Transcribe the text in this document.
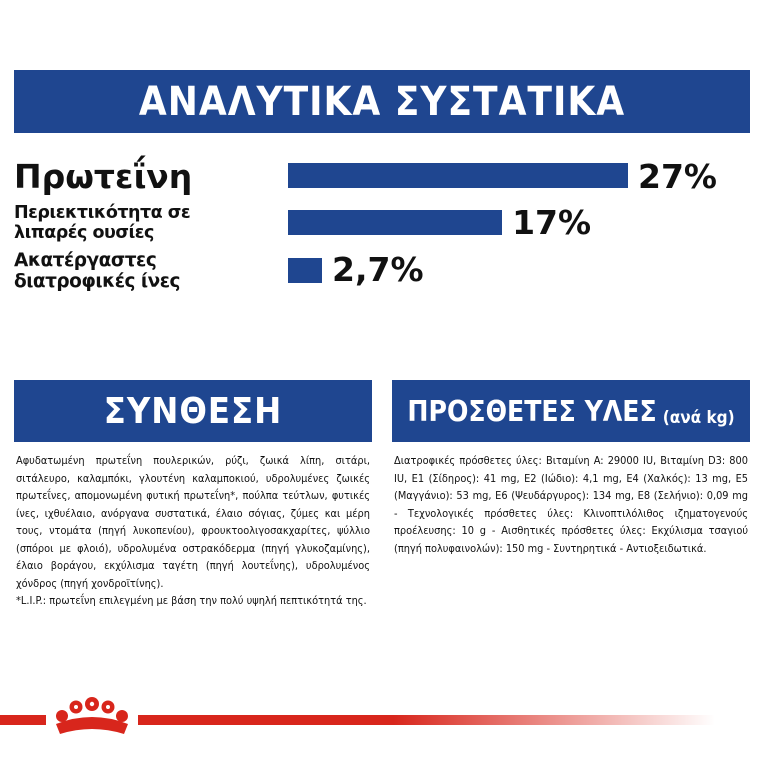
ΑΝΑΛΥΤΙΚΑ ΣΥΣΤΑΤΙΚΑ
Πρωτεΐνη	27%
Περιεκτικότητα σε λιπαρές ουσίες	17%
Ακατέργαστες διατροφικές ίνες	2,7%
ΣΥΝΘΕΣΗ

Αφυδατωμένη πρωτεΐνη πουλερικών, ρύζι, ζωικά λίπη, σιτάρι, σιτάλευρο, καλαμπόκι, γλουτένη καλαμποκιού, υδρολυμένες ζωικές πρωτεΐνες, απομονωμένη φυτική πρωτεΐνη*, πούλπα τεύτλων, φυτικές ίνες, ιχθυέλαιο, ανόργανα συστατικά, έλαιο σόγιας, ζύμες και μέρη τους, ντομάτα (πηγή λυκοπενίου), φρουκτοολιγοσακχαρίτες, ψύλλιο (σπόροι με φλοιό), υδρολυμένα οστρακόδερμα (πηγή γλυκοζαμίνης), έλαιο βοράγου, εκχύλισμα ταγέτη (πηγή λουτεΐνης), υδρολυμένος χόνδρος (πηγή χονδροϊτίνης).

*L.I.P.: πρωτεΐνη επιλεγμένη με βάση την πολύ υψηλή πεπτικότητά της.

ΠΡΟΣΘΕΤΕΣ ΥΛΕΣ (ανά kg)

Διατροφικές πρόσθετες ύλες: Βιταμίνη A: 29000 IU, Βιταμίνη D3: 800 IU, E1 (Σίδηρος): 41 mg, E2 (Ιώδιο): 4,1 mg, E4 (Χαλκός): 13 mg, E5 (Μαγγάνιο): 53 mg, E6 (Ψευδάργυρος): 134 mg, E8 (Σελήνιο): 0,09 mg - Τεχνολογικές πρόσθετες ύλες: Κλινοπτιλόλιθος ιζηματογενούς προέλευσης: 10 g - Αισθητικές πρόσθετες ύλες: Εκχύλισμα τσαγιού (πηγή πολυφαινολών): 150 mg - Συντηρητικά - Αντιοξειδωτικά.
